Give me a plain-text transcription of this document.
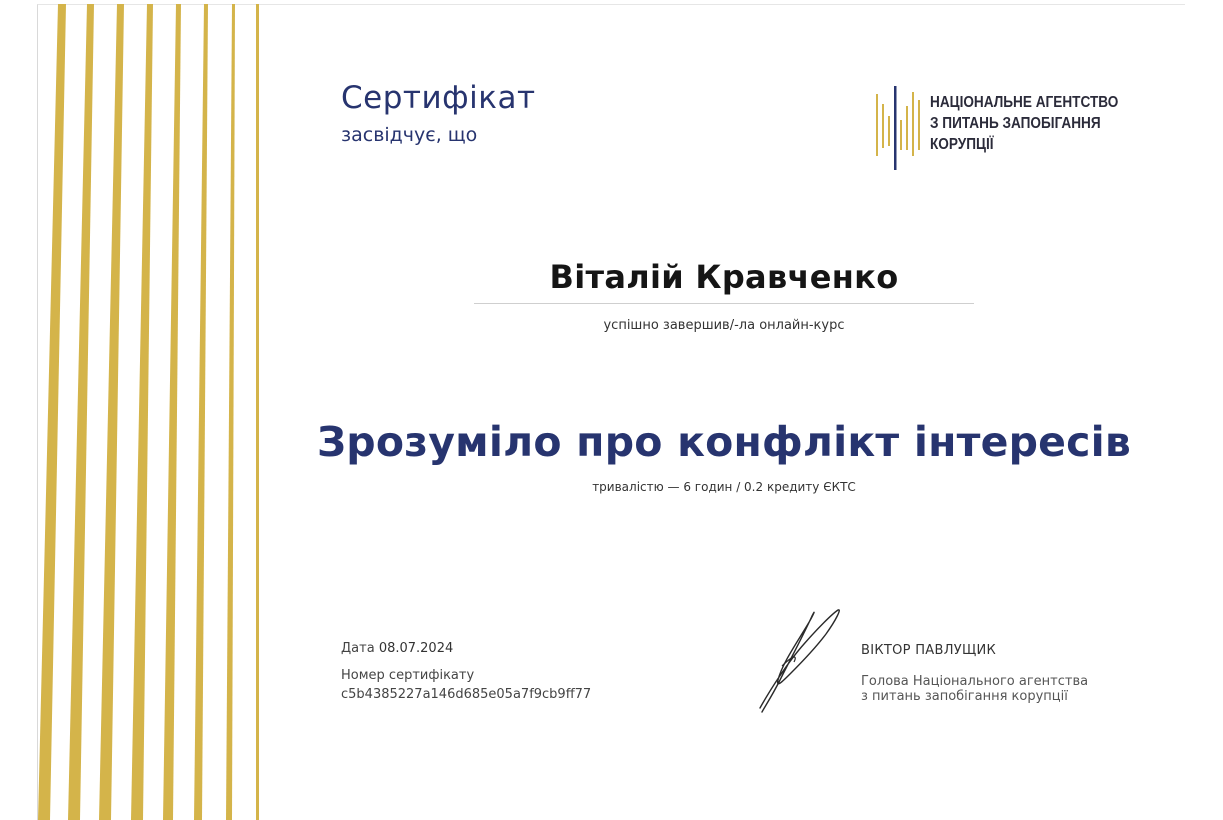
Сертифікат
засвідчує, що
НАЦІОНАЛЬНЕ АГЕНТСТВО
З ПИТАНЬ ЗАПОБІГАННЯ
КОРУПЦІЇ
Віталій Кравченко
успішно завершив/-ла онлайн-курс
Зрозуміло про конфлікт інтересів
тривалістю — 6 годин / 0.2 кредиту ЄКТС
Дата 08.07.2024
Номер сертифікату
c5b4385227a146d685e05a7f9cb9ff77
ВІКТОР ПАВЛУЩИК
Голова Національного агентства
з питань запобігання корупції
